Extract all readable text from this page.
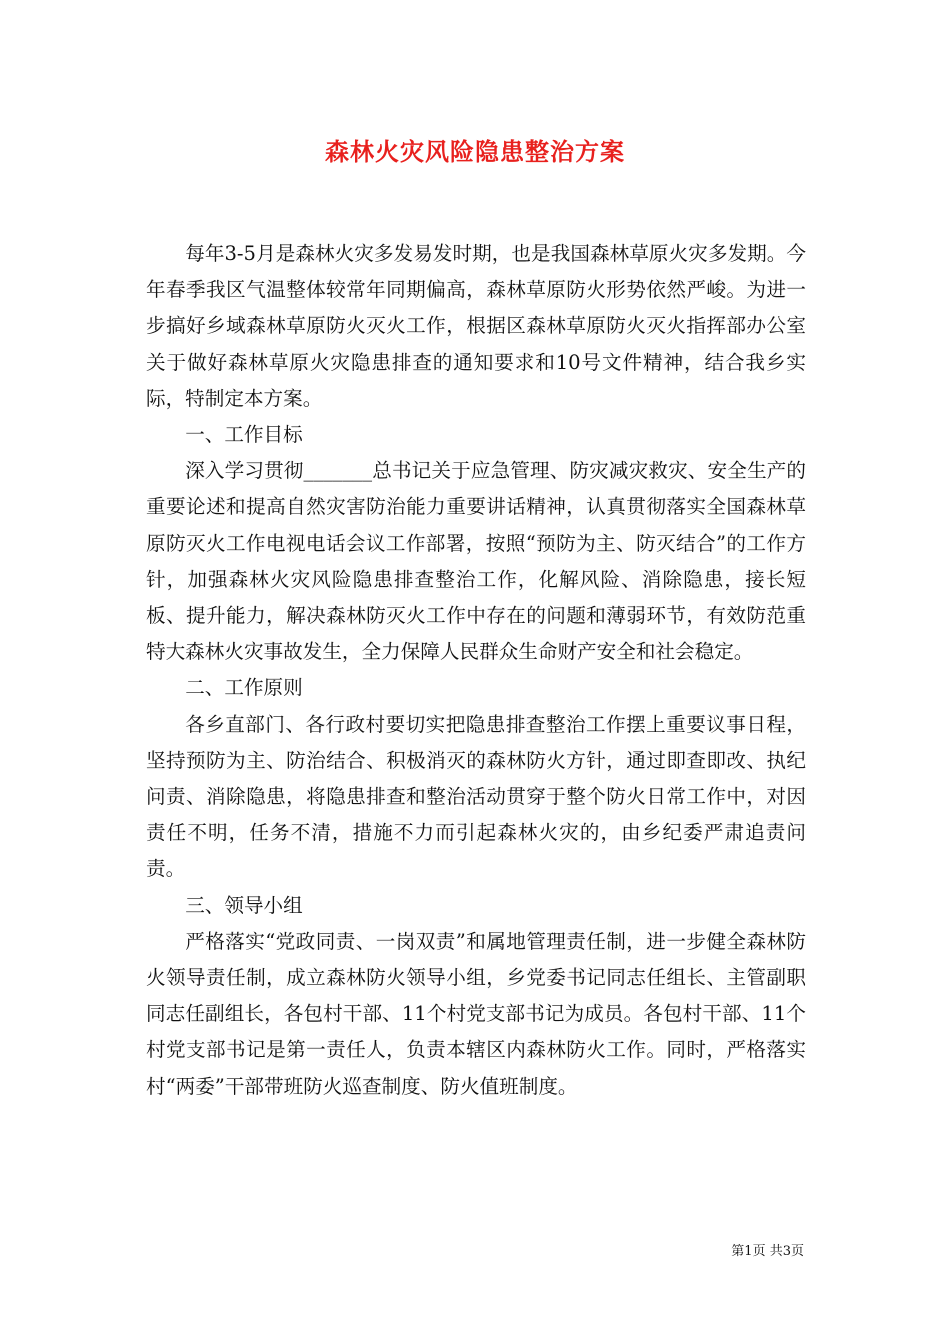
森林火灾风险隐患整治方案

每年3-5月是森林火灾多发易发时期，也是我国森林草原火灾多发期。今年春季我区气温整体较常年同期偏高，森林草原防火形势依然严峻。为进一步搞好乡域森林草原防火灭火工作，根据区森林草原防火灭火指挥部办公室关于做好森林草原火灾隐患排查的通知要求和10号文件精神，结合我乡实际，特制定本方案。

一、工作目标

深入学习贯彻_______总书记关于应急管理、防灾减灾救灾、安全生产的重要论述和提高自然灾害防治能力重要讲话精神，认真贯彻落实全国森林草原防灭火工作电视电话会议工作部署，按照“预防为主、防灭结合”的工作方针，加强森林火灾风险隐患排查整治工作，化解风险、消除隐患，接长短板、提升能力，解决森林防灭火工作中存在的问题和薄弱环节，有效防范重特大森林火灾事故发生，全力保障人民群众生命财产安全和社会稳定。

二、工作原则

各乡直部门、各行政村要切实把隐患排查整治工作摆上重要议事日程，坚持预防为主、防治结合、积极消灭的森林防火方针，通过即查即改、执纪问责、消除隐患，将隐患排查和整治活动贯穿于整个防火日常工作中，对因责任不明，任务不清，措施不力而引起森林火灾的，由乡纪委严肃追责问责。

三、领导小组

严格落实“党政同责、一岗双责”和属地管理责任制，进一步健全森林防火领导责任制，成立森林防火领导小组，乡党委书记同志任组长、主管副职同志任副组长，各包村干部、11个村党支部书记为成员。各包村干部、11个村党支部书记是第一责任人，负责本辖区内森林防火工作。同时，严格落实村“两委”干部带班防火巡查制度、防火值班制度。

第1页 共3页
